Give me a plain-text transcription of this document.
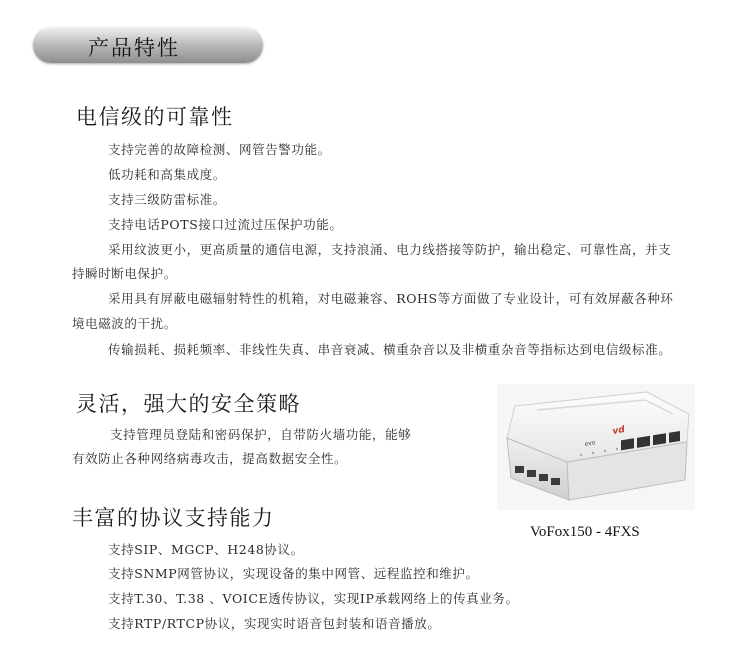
产品特性
电信级的可靠性
支持完善的故障检测、网管告警功能。
低功耗和高集成度。
支持三级防雷标准。
支持电话POTS接口过流过压保护功能。
采用纹波更小，更高质量的通信电源，支持浪涌、电力线搭接等防护，输出稳定、可靠性高，并支
持瞬时断电保护。
采用具有屏蔽电磁辐射特性的机箱，对电磁兼容、ROHS等方面做了专业设计，可有效屏蔽各种环
境电磁波的干扰。
传输损耗、损耗频率、非线性失真、串音衰减、横重杂音以及非横重杂音等指标达到电信级标准。
灵活，强大的安全策略
支持管理员登陆和密码保护，自带防火墙功能，能够
有效防止各种网络病毒攻击，提高数据安全性。
丰富的协议支持能力
支持SIP、MGCP、H248协议。
支持SNMP网管协议，实现设备的集中网管、远程监控和维护。
支持T.30、T.38 、VOICE透传协议，实现IP承载网络上的传真业务。
支持RTP/RTCP协议，实现实时语音包封装和语音播放。
vd
evo
VoFox150 - 4FXS
